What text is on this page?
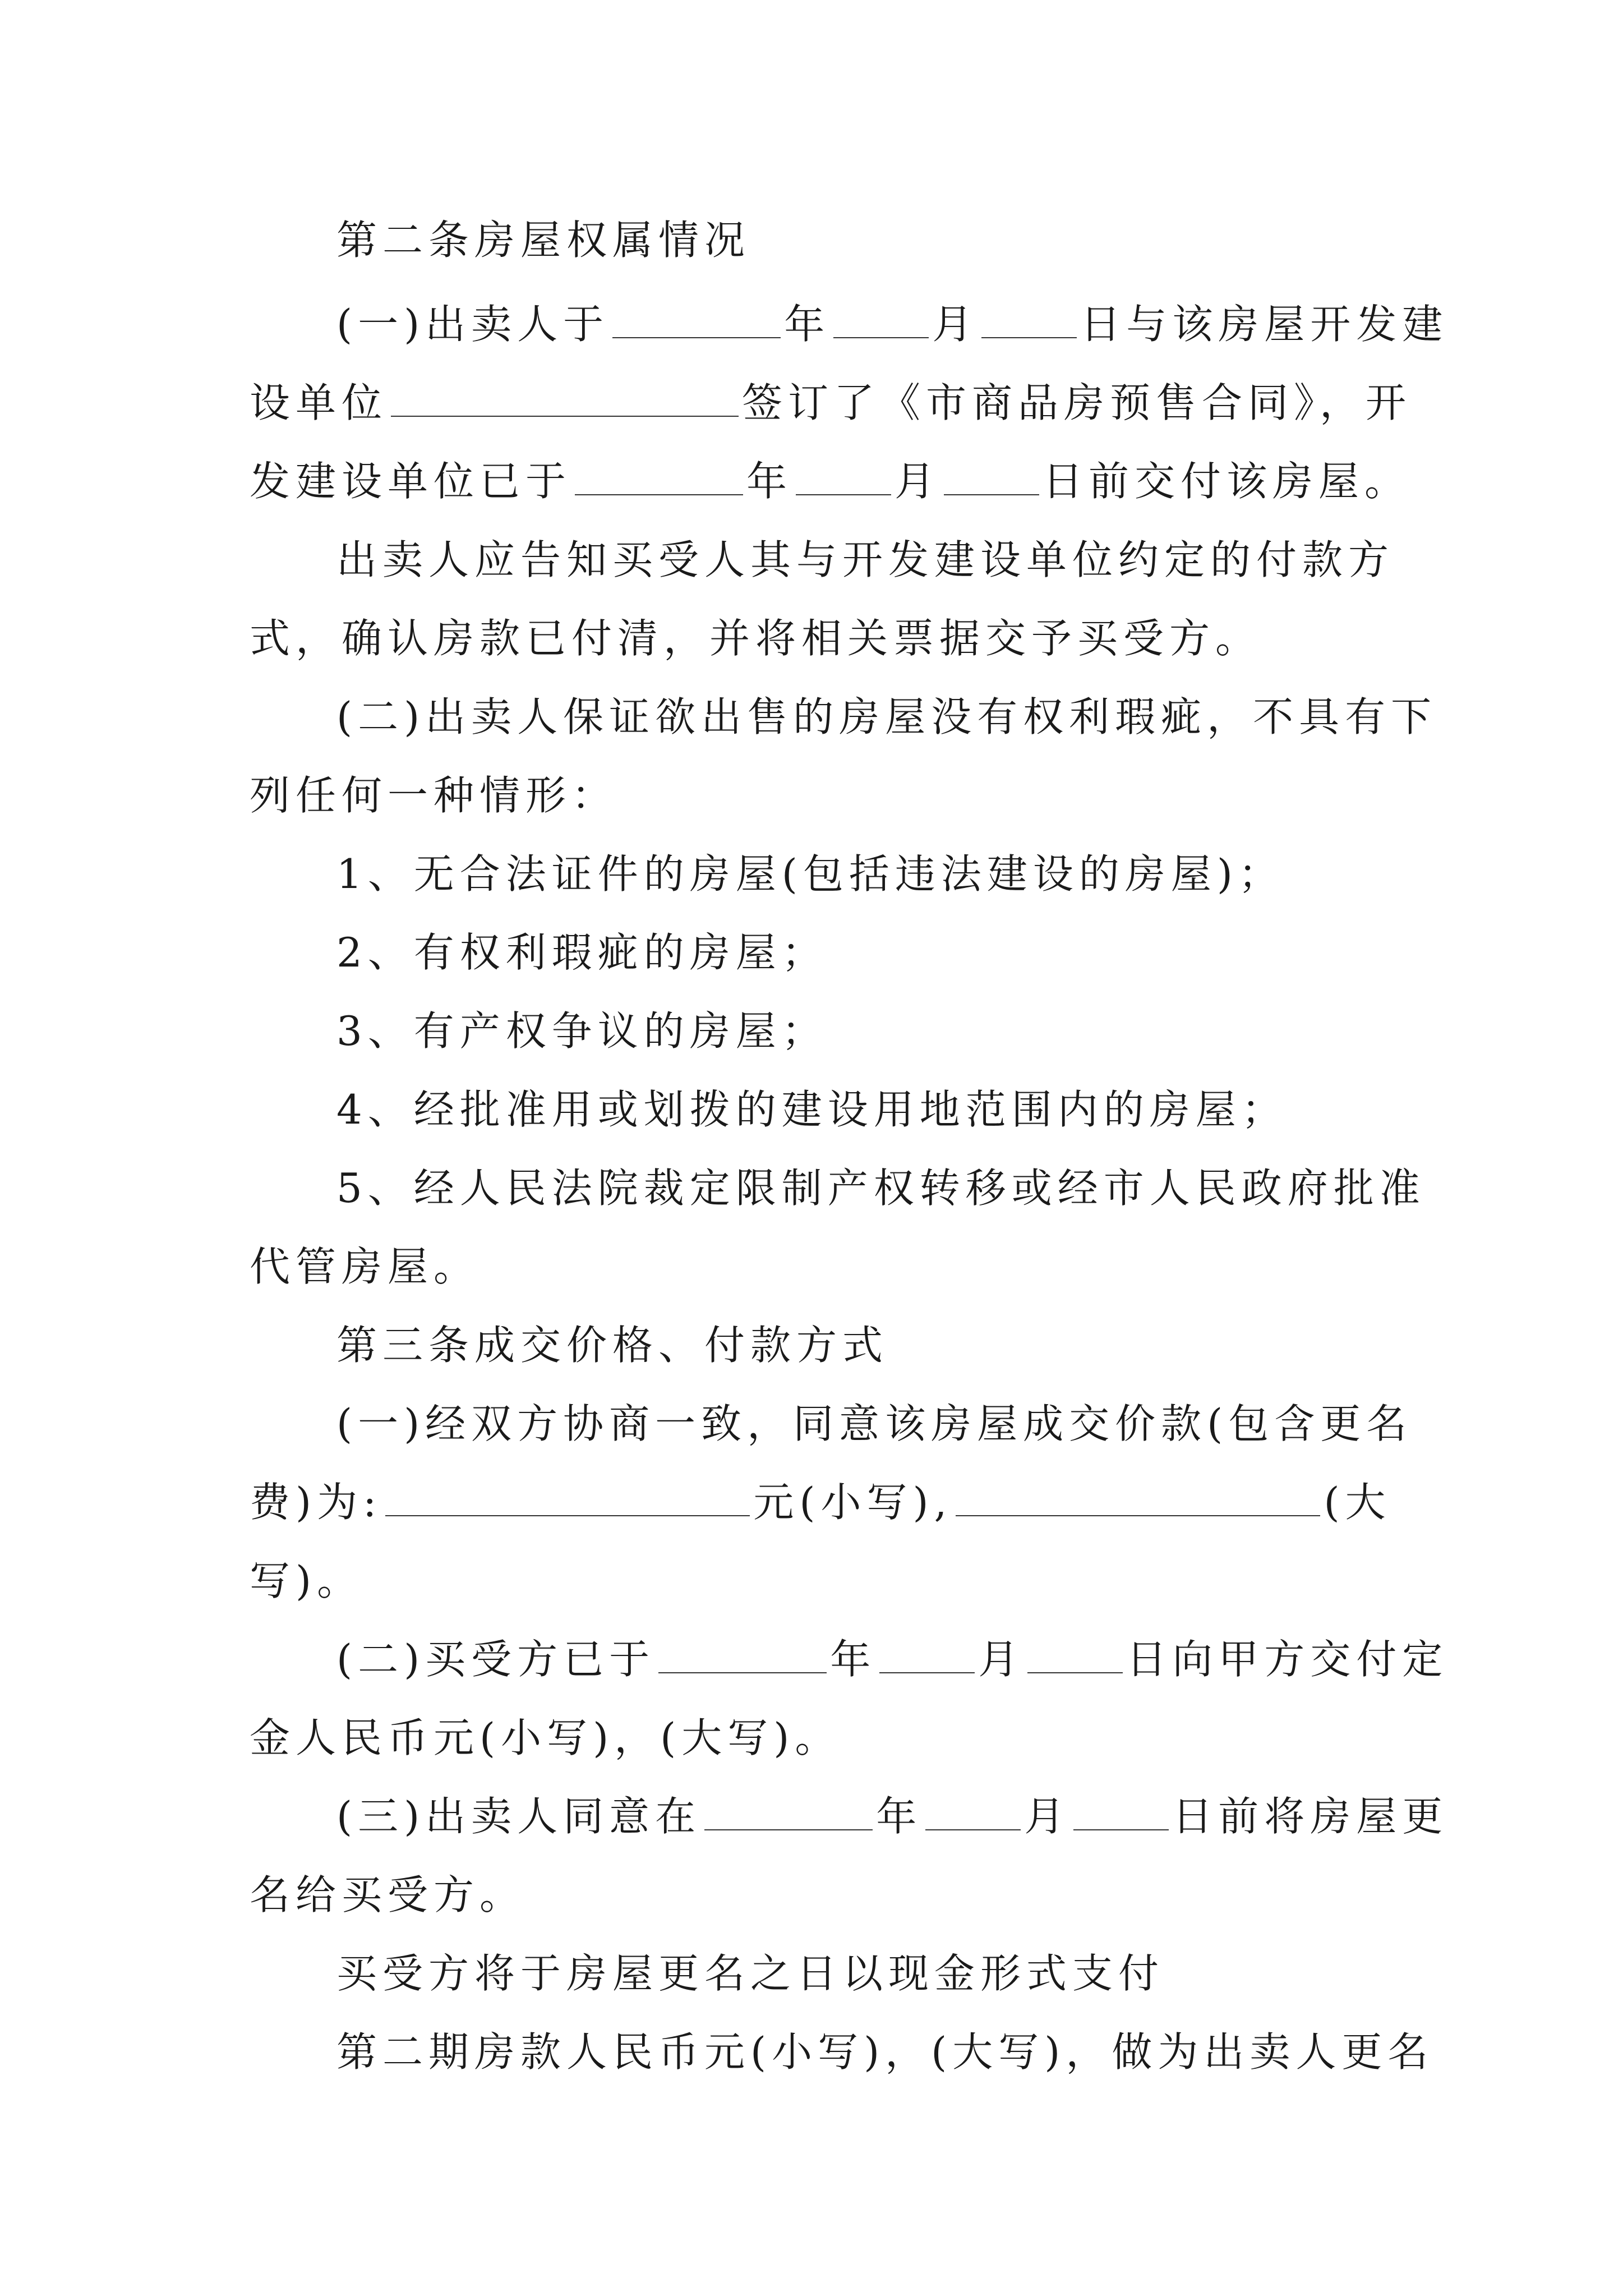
第二条房屋权属情况
(一)出卖人于	年	月	日与该房屋开发建
设单位	签订了《市商品房预售合同》，开
发建设单位已于	年	月	日前交付该房屋。
出卖人应告知买受人其与开发建设单位约定的付款方
式，确认房款已付清，并将相关票据交予买受方。
(二)出卖人保证欲出售的房屋没有权利瑕疵，不具有下
列任何一种情形：
1、无合法证件的房屋(包括违法建设的房屋)；
2、有权利瑕疵的房屋；
3、有产权争议的房屋；
4、经批准用或划拨的建设用地范围内的房屋；
5、经人民法院裁定限制产权转移或经市人民政府批准
代管房屋。
第三条成交价格、付款方式
(一)经双方协商一致，同意该房屋成交价款(包含更名
费)为:	元(小写),	(大
写)。
(二)买受方已于	年	月	日向甲方交付定
金人民币元(小写)，(大写)。
(三)出卖人同意在	年	月	日前将房屋更
名给买受方。
买受方将于房屋更名之日以现金形式支付
第二期房款人民币元(小写)，(大写)，做为出卖人更名
